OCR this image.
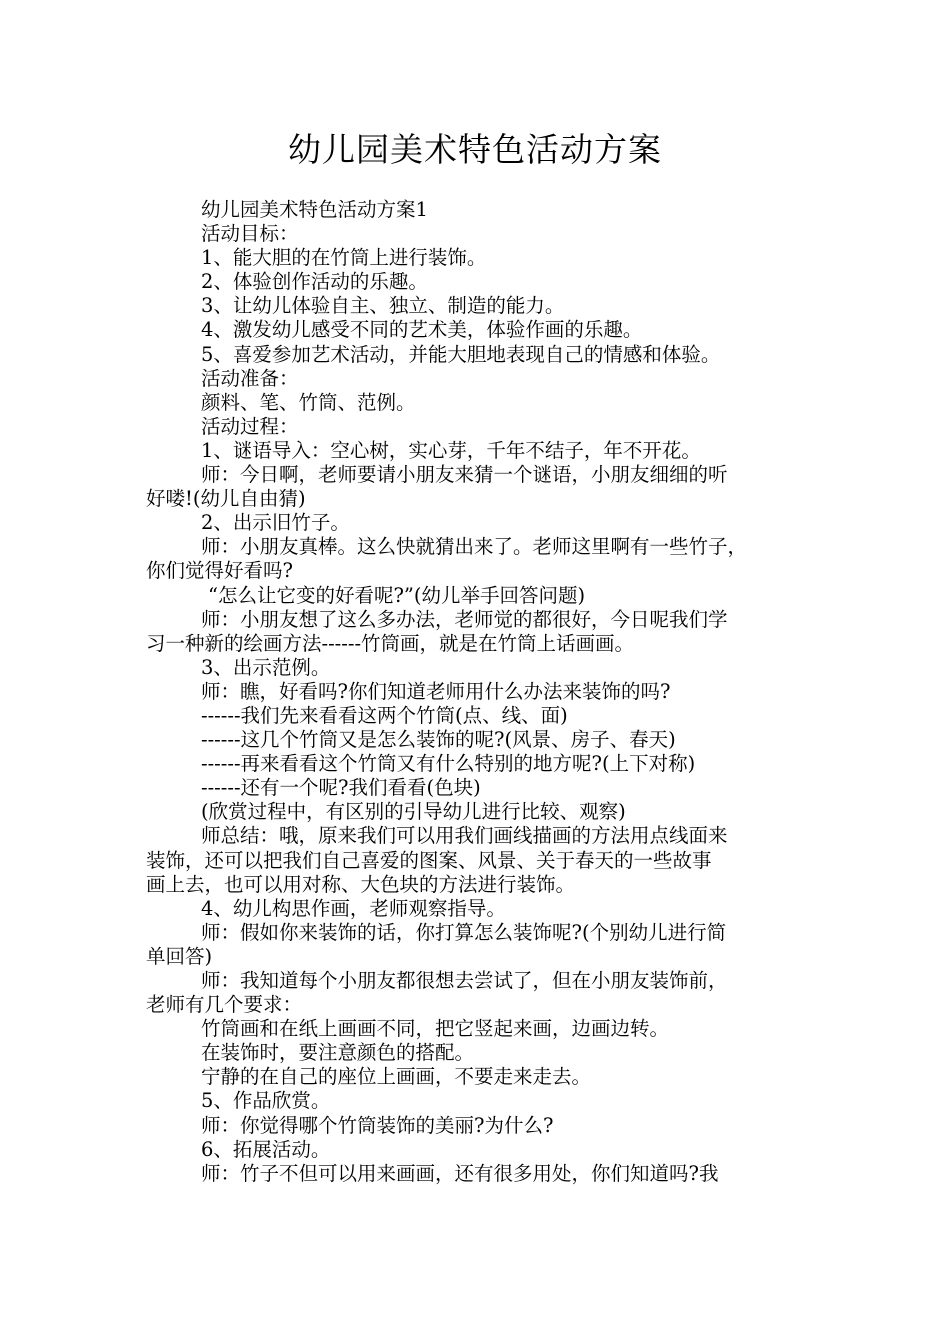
幼儿园美术特色活动方案
幼儿园美术特色活动方案1
活动目标：
1、能大胆的在竹筒上进行装饰。
2、体验创作活动的乐趣。
3、让幼儿体验自主、独立、制造的能力。
4、激发幼儿感受不同的艺术美，体验作画的乐趣。
5、喜爱参加艺术活动，并能大胆地表现自己的情感和体验。
活动准备：
颜料、笔、竹筒、范例。
活动过程：
1、谜语导入：空心树，实心芽，千年不结子，年不开花。
师：今日啊，老师要请小朋友来猜一个谜语，小朋友细细的听
好喽!(幼儿自由猜)
2、出示旧竹子。
师：小朋友真棒。这么快就猜出来了。老师这里啊有一些竹子，
你们觉得好看吗?
“怎么让它变的好看呢?”(幼儿举手回答问题)
师：小朋友想了这么多办法，老师觉的都很好，今日呢我们学
习一种新的绘画方法------竹筒画，就是在竹筒上话画画。
3、出示范例。
师：瞧，好看吗?你们知道老师用什么办法来装饰的吗?
------我们先来看看这两个竹筒(点、线、面)
------这几个竹筒又是怎么装饰的呢?(风景、房子、春天)
------再来看看这个竹筒又有什么特别的地方呢?(上下对称)
------还有一个呢?我们看看(色块)
(欣赏过程中，有区别的引导幼儿进行比较、观察)
师总结：哦，原来我们可以用我们画线描画的方法用点线面来
装饰，还可以把我们自己喜爱的图案、风景、关于春天的一些故事
画上去，也可以用对称、大色块的方法进行装饰。
4、幼儿构思作画，老师观察指导。
师：假如你来装饰的话，你打算怎么装饰呢?(个别幼儿进行简
单回答)
师：我知道每个小朋友都很想去尝试了，但在小朋友装饰前，
老师有几个要求：
竹筒画和在纸上画画不同，把它竖起来画，边画边转。
在装饰时，要注意颜色的搭配。
宁静的在自己的座位上画画，不要走来走去。
5、作品欣赏。
师：你觉得哪个竹筒装饰的美丽?为什么?
6、拓展活动。
师：竹子不但可以用来画画，还有很多用处，你们知道吗?我
